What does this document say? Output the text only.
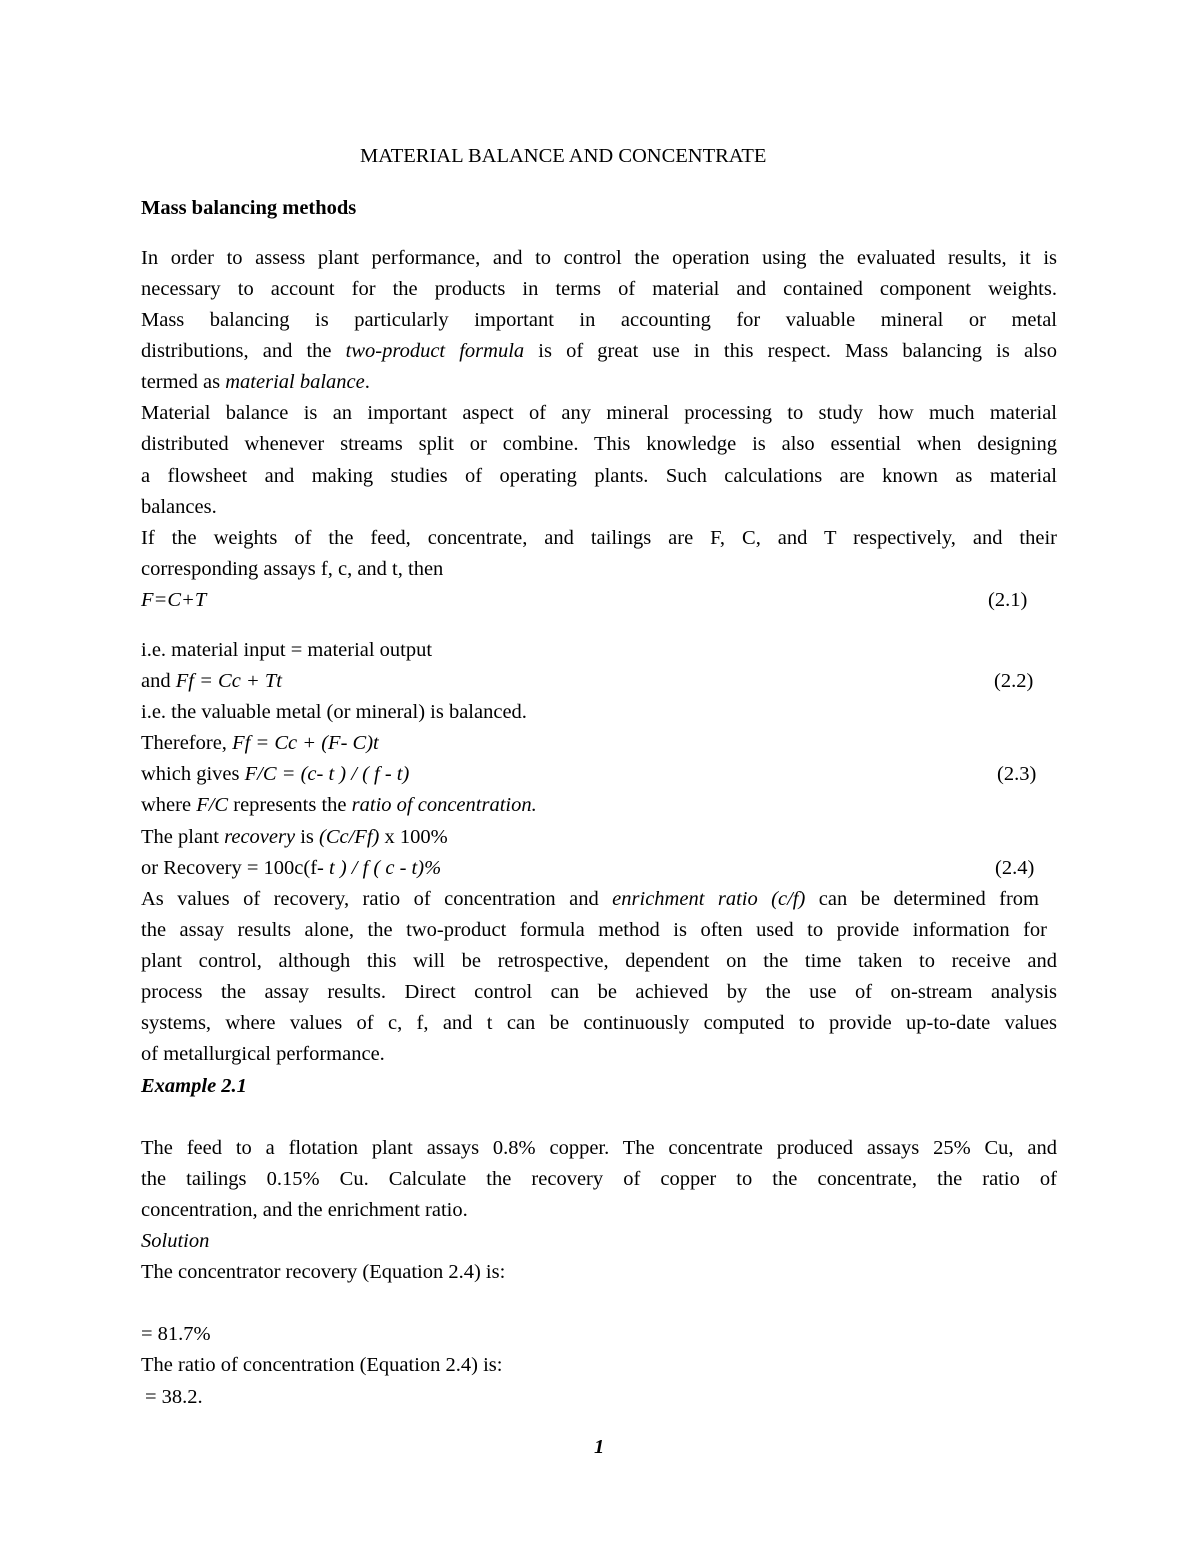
MATERIAL BALANCE AND CONCENTRATE
Mass balancing methods
In order to assess plant performance, and to control the operation using the evaluated results, it is
necessary to account for the products in terms of material and contained component weights.
Mass balancing is particularly important in accounting for valuable mineral or metal
distributions, and the two-product formula is of great use in this respect. Mass balancing is also
termed as material balance.
Material balance is an important aspect of any mineral processing to study how much material
distributed whenever streams split or combine. This knowledge is also essential when designing
a flowsheet and making studies of operating plants. Such calculations are known as material
balances.
If the weights of the feed, concentrate, and tailings are F, C, and T respectively, and their
corresponding assays f, c, and t, then
F=C+T	(2.1)
i.e. material input = material output
and Ff = Cc + Tt	(2.2)
i.e. the valuable metal (or mineral) is balanced.
Therefore, Ff = Cc + (F- C)t
which gives F/C = (c- t ) / ( f - t)	(2.3)
where F/C represents the ratio of concentration.
The plant recovery is (Cc/Ff) x 100%
or Recovery = 100c(f- t ) / f ( c - t)%	(2.4)
As values of recovery, ratio of concentration and enrichment ratio (c/f) can be determined from
the assay results alone, the two-product formula method is often used to provide information for
plant control, although this will be retrospective, dependent on the time taken to receive and
process the assay results. Direct control can be achieved by the use of on-stream analysis
systems, where values of c, f, and t can be continuously computed to provide up-to-date values
of metallurgical performance.
Example 2.1
The feed to a flotation plant assays 0.8% copper. The concentrate produced assays 25% Cu, and
the tailings 0.15% Cu. Calculate the recovery of copper to the concentrate, the ratio of
concentration, and the enrichment ratio.
Solution
The concentrator recovery (Equation 2.4) is:
= 81.7%
The ratio of concentration (Equation 2.4) is:
= 38.2.
1
